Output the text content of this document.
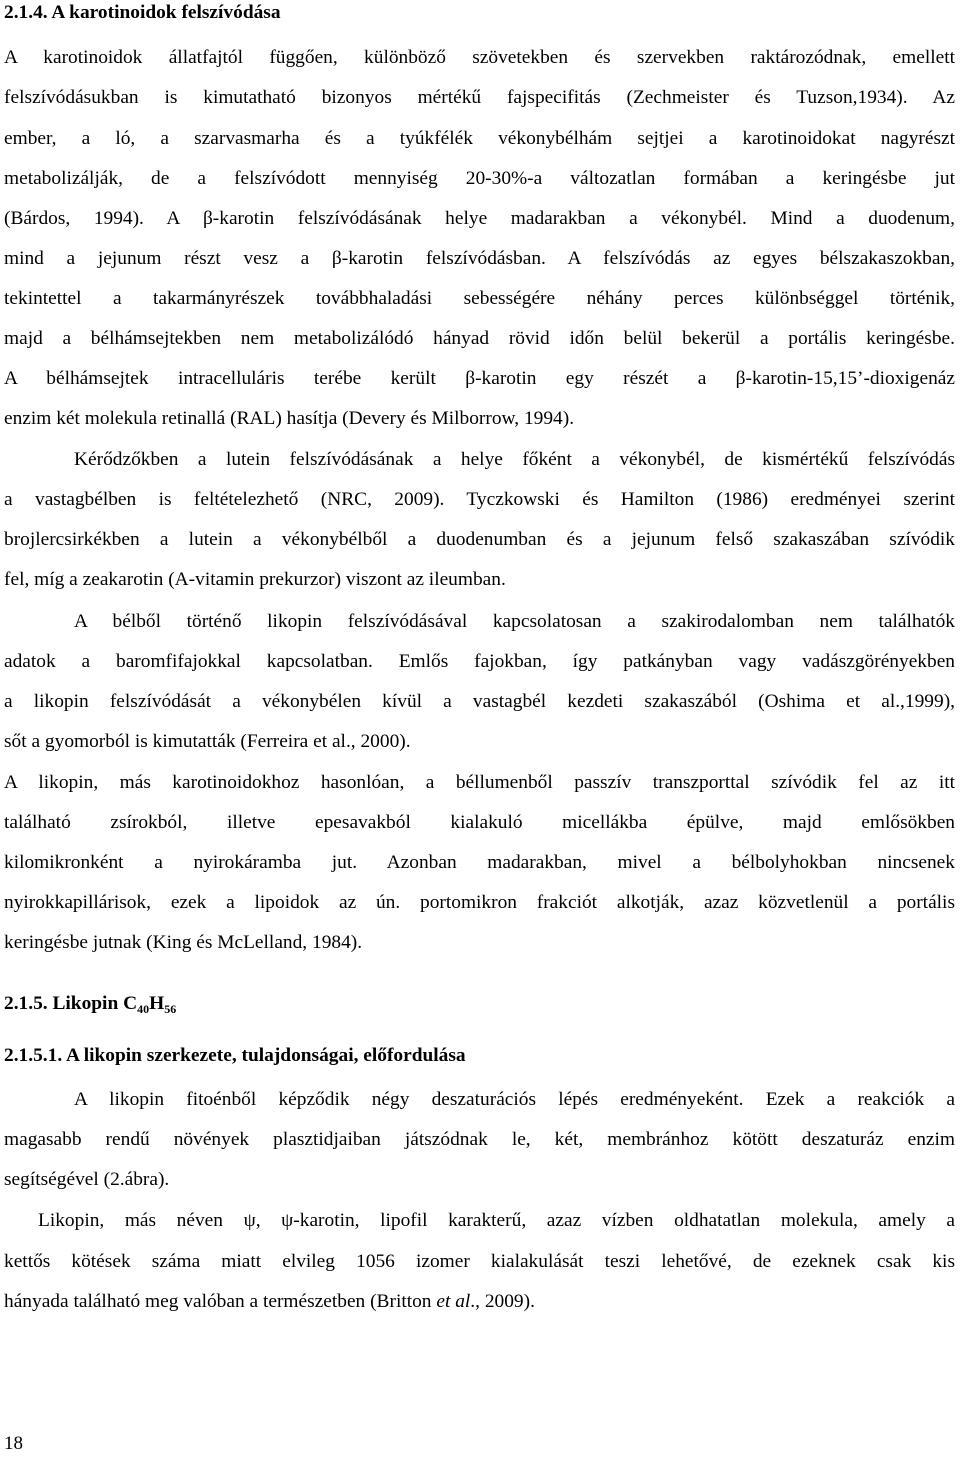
2.1.4. A karotinoidok felszívódása

A karotinoidok állatfajtól függően, különböző szövetekben és szervekben raktározódnak, emellett

felszívódásukban is kimutatható bizonyos mértékű fajspecifitás (Zechmeister és Tuzson,1934). Az

ember, a ló, a szarvasmarha és a tyúkfélék vékonybélhám sejtjei a karotinoidokat nagyrészt

metabolizálják, de a felszívódott mennyiség 20-30%-a változatlan formában a keringésbe jut

(Bárdos, 1994). A β-karotin felszívódásának helye madarakban a vékonybél. Mind a duodenum,

mind a jejunum részt vesz a β-karotin felszívódásban. A felszívódás az egyes bélszakaszokban,

tekintettel a takarmányrészek továbbhaladási sebességére néhány perces különbséggel történik,

majd a bélhámsejtekben nem metabolizálódó hányad rövid időn belül bekerül a portális keringésbe.

A bélhámsejtek intracelluláris terébe került β-karotin egy részét a β-karotin-15,15’-dioxigenáz

enzim két molekula retinallá (RAL) hasítja (Devery és Milborrow, 1994).

Kérődzőkben a lutein felszívódásának a helye főként a vékonybél, de kismértékű felszívódás

a vastagbélben is feltételezhető (NRC, 2009). Tyczkowski és Hamilton (1986) eredményei szerint

brojlercsirkékben a lutein a vékonybélből a duodenumban és a jejunum felső szakaszában szívódik

fel, míg a zeakarotin (A-vitamin prekurzor) viszont az ileumban.

A bélből történő likopin felszívódásával kapcsolatosan a szakirodalomban nem találhatók

adatok a baromfifajokkal kapcsolatban. Emlős fajokban, így patkányban vagy vadászgörényekben

a likopin felszívódását a vékonybélen kívül a vastagbél kezdeti szakaszából (Oshima et al.,1999),

sőt a gyomorból is kimutatták (Ferreira et al., 2000).

A likopin, más karotinoidokhoz hasonlóan, a béllumenből passzív transzporttal szívódik fel az itt

található zsírokból, illetve epesavakból kialakuló micellákba épülve, majd emlősökben

kilomikronként a nyirokáramba jut. Azonban madarakban, mivel a bélbolyhokban nincsenek

nyirokkapillárisok, ezek a lipoidok az ún. portomikron frakciót alkotják, azaz közvetlenül a portális

keringésbe jutnak (King és McLelland, 1984).

2.1.5. Likopin $C_{40}H_{56}$

2.1.5.1. A likopin szerkezete, tulajdonságai, előfordulása

A likopin fitoénből képződik négy deszaturációs lépés eredményeként. Ezek a reakciók a

magasabb rendű növények plasztidjaiban játszódnak le, két, membránhoz kötött deszaturáz enzim

segítségével (2.ábra).

Likopin, más néven ψ, ψ-karotin, lipofil karakterű, azaz vízben oldhatatlan molekula, amely a

kettős kötések száma miatt elvileg 1056 izomer kialakulását teszi lehetővé, de ezeknek csak kis

hányada található meg valóban a természetben (Britton et al., 2009).

18
